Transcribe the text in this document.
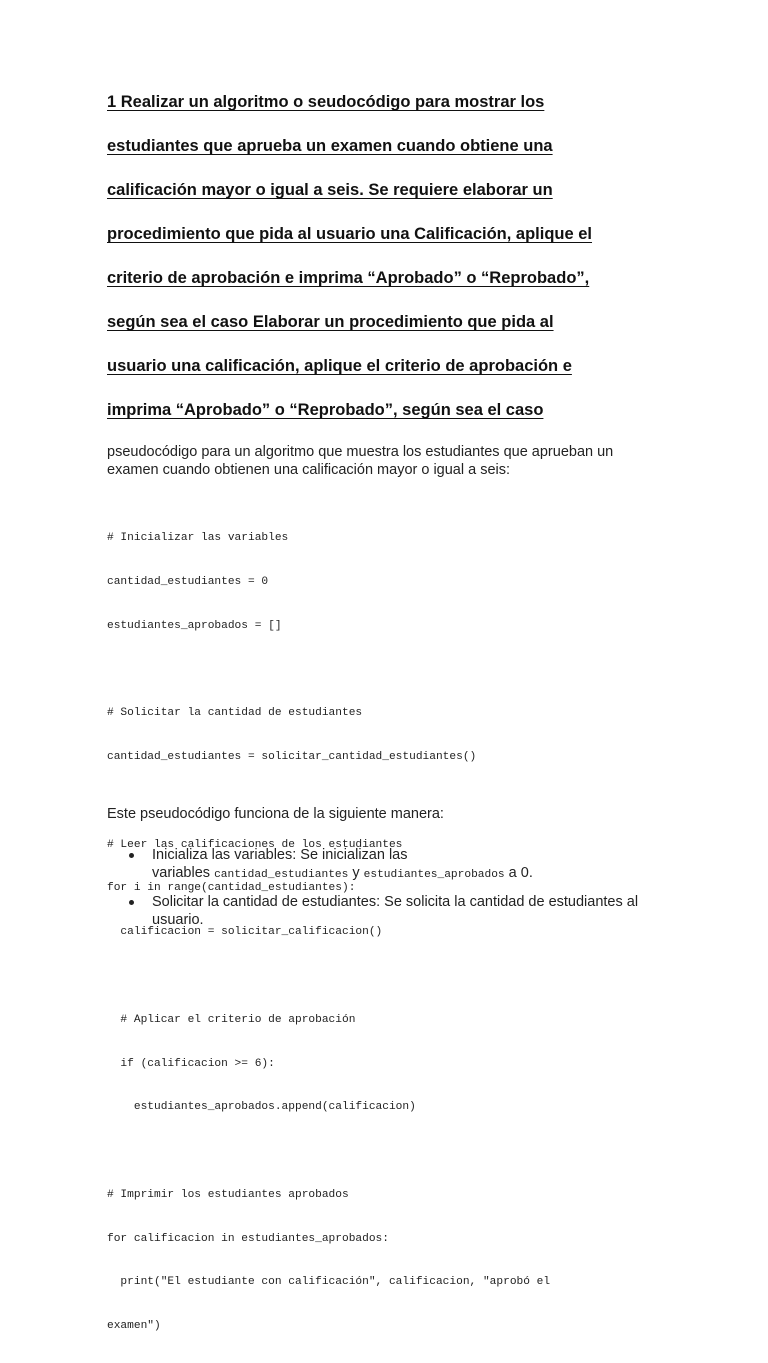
1 Realizar un algoritmo o seudocódigo para mostrar los
estudiantes que aprueba un examen cuando obtiene una
calificación mayor o igual a seis. Se requiere elaborar un
procedimiento que pida al usuario una Calificación, aplique el
criterio de aprobación e imprima “Aprobado” o “Reprobado”,
según sea el caso Elaborar un procedimiento que pida al
usuario una calificación, aplique el criterio de aprobación e
imprima “Aprobado” o “Reprobado”, según sea el caso

pseudocódigo para un algoritmo que muestra los estudiantes que aprueban un
examen cuando obtienen una calificación mayor o igual a seis:

# Inicializar las variables

cantidad_estudiantes = 0

estudiantes_aprobados = []

# Solicitar la cantidad de estudiantes

cantidad_estudiantes = solicitar_cantidad_estudiantes()

# Leer las calificaciones de los estudiantes

for i in range(cantidad_estudiantes):

calificacion = solicitar_calificacion()

# Aplicar el criterio de aprobación

if (calificacion >= 6):

estudiantes_aprobados.append(calificacion)

# Imprimir los estudiantes aprobados

for calificacion in estudiantes_aprobados:

print("El estudiante con calificación", calificacion, "aprobó el

examen")

Este pseudocódigo funciona de la siguiente manera:

Inicializa las variables: Se inicializan las
variables cantidad_estudiantes y estudiantes_aprobados a 0.
Solicitar la cantidad de estudiantes: Se solicita la cantidad de estudiantes al
usuario.
